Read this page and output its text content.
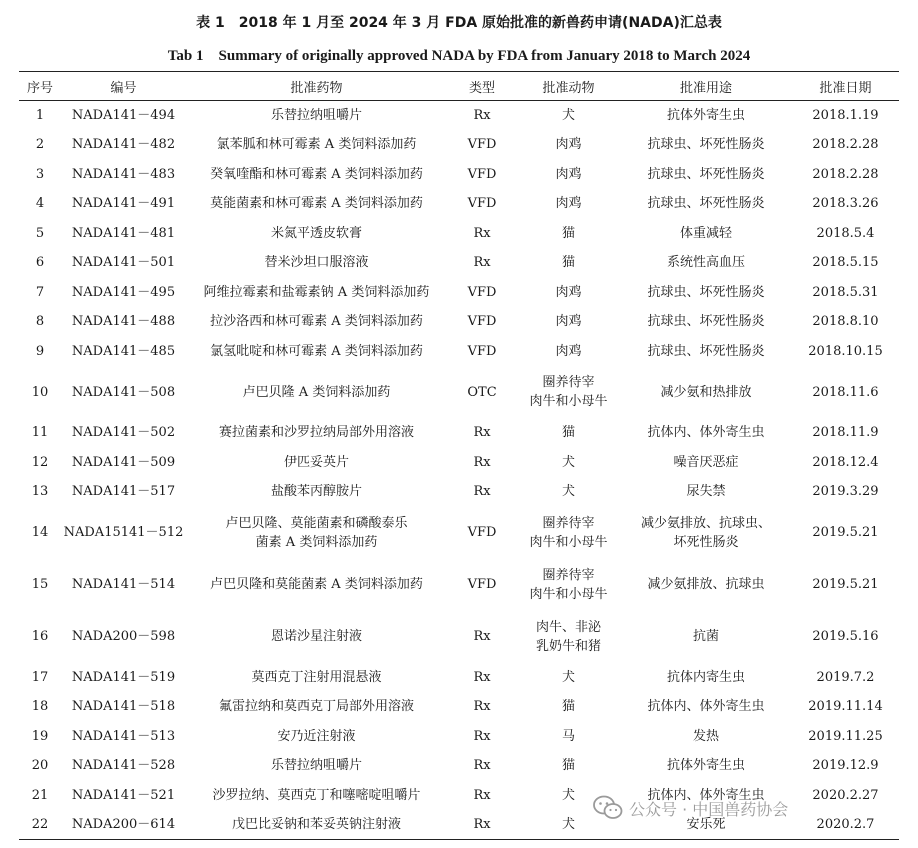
表 1　2018 年 1 月至 2024 年 3 月 FDA 原始批准的新兽药申请(NADA)汇总表
Tab 1　Summary of originally approved NADA by FDA from January 2018 to March 2024
序号	编号	批准药物	类型	批准动物	批准用途	批准日期
1	NADA141－494	乐替拉纳咀嚼片	Rx	犬	抗体外寄生虫	2018.1.19
2	NADA141－482	氯苯胍和林可霉素 A 类饲料添加药	VFD	肉鸡	抗球虫、坏死性肠炎	2018.2.28
3	NADA141－483	癸氧喹酯和林可霉素 A 类饲料添加药	VFD	肉鸡	抗球虫、坏死性肠炎	2018.2.28
4	NADA141－491	莫能菌素和林可霉素 A 类饲料添加药	VFD	肉鸡	抗球虫、坏死性肠炎	2018.3.26
5	NADA141－481	米氮平透皮软膏	Rx	猫	体重减轻	2018.5.4
6	NADA141－501	替米沙坦口服溶液	Rx	猫	系统性高血压	2018.5.15
7	NADA141－495	阿维拉霉素和盐霉素钠 A 类饲料添加药	VFD	肉鸡	抗球虫、坏死性肠炎	2018.5.31
8	NADA141－488	拉沙洛西和林可霉素 A 类饲料添加药	VFD	肉鸡	抗球虫、坏死性肠炎	2018.8.10
9	NADA141－485	氯氢吡啶和林可霉素 A 类饲料添加药	VFD	肉鸡	抗球虫、坏死性肠炎	2018.10.15
10	NADA141－508	卢巴贝隆 A 类饲料添加药	OTC	圈养待宰
肉牛和小母牛	减少氨和热排放	2018.11.6
11	NADA141－502	赛拉菌素和沙罗拉纳局部外用溶液	Rx	猫	抗体内、体外寄生虫	2018.11.9
12	NADA141－509	伊匹妥英片	Rx	犬	噪音厌恶症	2018.12.4
13	NADA141－517	盐酸苯丙醇胺片	Rx	犬	尿失禁	2019.3.29
14	NADA15141－512	卢巴贝隆、莫能菌素和磷酸泰乐
菌素 A 类饲料添加药	VFD	圈养待宰
肉牛和小母牛	减少氨排放、抗球虫、
坏死性肠炎	2019.5.21
15	NADA141－514	卢巴贝隆和莫能菌素 A 类饲料添加药	VFD	圈养待宰
肉牛和小母牛	减少氨排放、抗球虫	2019.5.21
16	NADA200－598	恩诺沙星注射液	Rx	肉牛、非泌
乳奶牛和猪	抗菌	2019.5.16
17	NADA141－519	莫西克丁注射用混悬液	Rx	犬	抗体内寄生虫	2019.7.2
18	NADA141－518	氟雷拉纳和莫西克丁局部外用溶液	Rx	猫	抗体内、体外寄生虫	2019.11.14
19	NADA141－513	安乃近注射液	Rx	马	发热	2019.11.25
20	NADA141－528	乐替拉纳咀嚼片	Rx	猫	抗体外寄生虫	2019.12.9
21	NADA141－521	沙罗拉纳、莫西克丁和噻嘧啶咀嚼片	Rx	犬	抗体内、体外寄生虫	2020.2.27
22	NADA200－614	戊巴比妥钠和苯妥英钠注射液	Rx	犬	安乐死	2020.2.7
公众号 · 中国兽药协会
